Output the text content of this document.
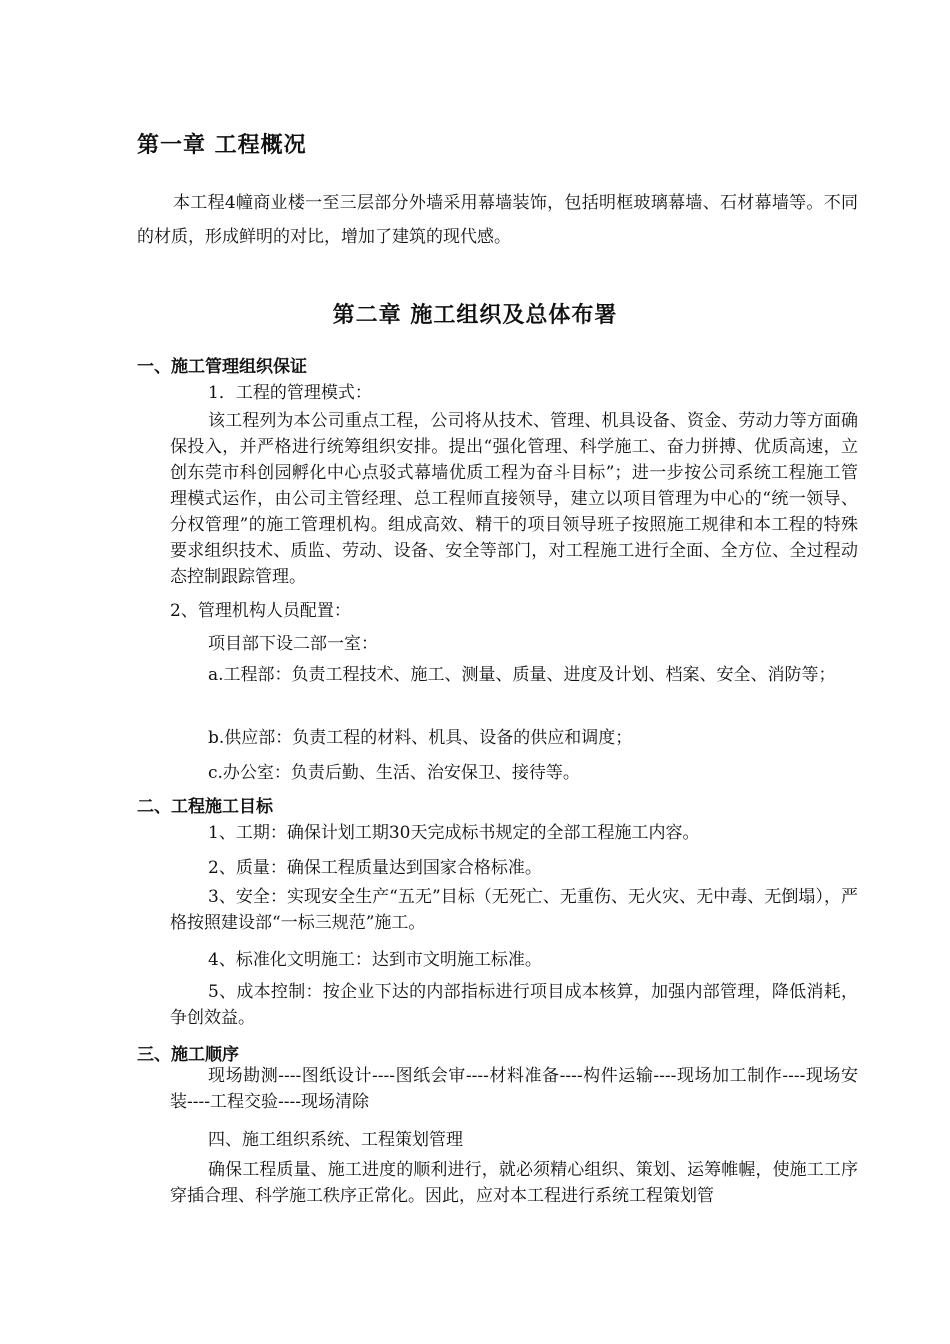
第一章 工程概况
本工程4幢商业楼一至三层部分外墙采用幕墙装饰，包括明框玻璃幕墙、石材幕墙等。不同的材质，形成鲜明的对比，增加了建筑的现代感。
第二章 施工组织及总体布署
一、施工管理组织保证
1．工程的管理模式：
该工程列为本公司重点工程，公司将从技术、管理、机具设备、资金、劳动力等方面确保投入，并严格进行统筹组织安排。提出“强化管理、科学施工、奋力拼搏、优质高速，立创东莞市科创园孵化中心点驳式幕墙优质工程为奋斗目标”；进一步按公司系统工程施工管理模式运作，由公司主管经理、总工程师直接领导，建立以项目管理为中心的“统一领导、分权管理”的施工管理机构。组成高效、精干的项目领导班子按照施工规律和本工程的特殊要求组织技术、质监、劳动、设备、安全等部门，对工程施工进行全面、全方位、全过程动态控制跟踪管理。
2、管理机构人员配置：
项目部下设二部一室：
a.工程部：负责工程技术、施工、测量、质量、进度及计划、档案、安全、消防等；
b.供应部：负责工程的材料、机具、设备的供应和调度；
c.办公室：负责后勤、生活、治安保卫、接待等。
二、工程施工目标
1、工期：确保计划工期30天完成标书规定的全部工程施工内容。
2、质量：确保工程质量达到国家合格标准。
3、安全：实现安全生产“五无”目标（无死亡、无重伤、无火灾、无中毒、无倒塌），严格按照建设部“一标三规范”施工。
4、标准化文明施工：达到市文明施工标准。
5、成本控制：按企业下达的内部指标进行项目成本核算，加强内部管理，降低消耗，争创效益。
三、施工顺序
现场勘测----图纸设计----图纸会审----材料准备----构件运输----现场加工制作----现场安装----工程交验----现场清除
四、施工组织系统、工程策划管理
确保工程质量、施工进度的顺利进行，就必须精心组织、策划、运筹帷幄，使施工工序穿插合理、科学施工秩序正常化。因此，应对本工程进行系统工程策划管
